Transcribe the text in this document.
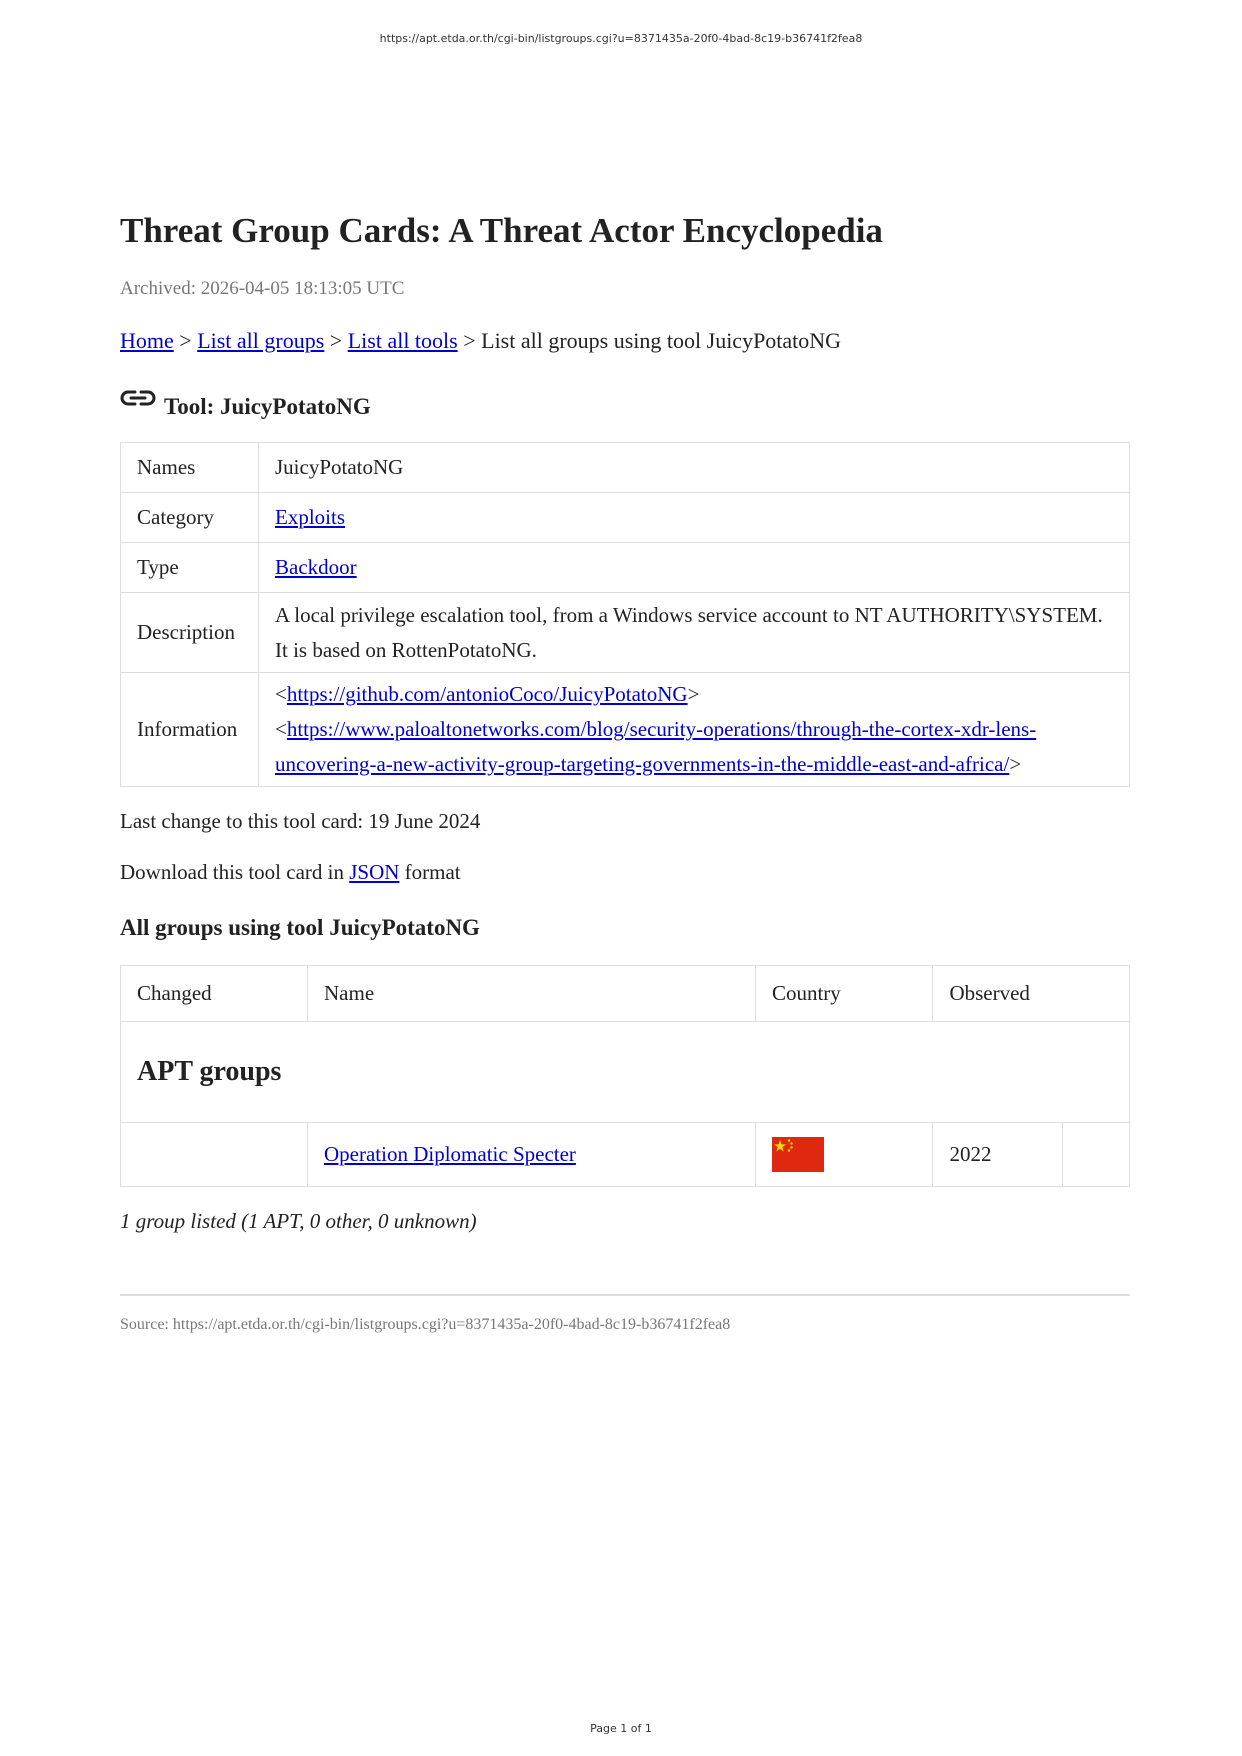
https://apt.etda.or.th/cgi-bin/listgroups.cgi?u=8371435a-20f0-4bad-8c19-b36741f2fea8
Threat Group Cards: A Threat Actor Encyclopedia
Archived: 2026-04-05 18:13:05 UTC
Home > List all groups > List all tools > List all groups using tool JuicyPotatoNG
Tool: JuicyPotatoNG
Names	JuicyPotatoNG
Category	Exploits
Type	Backdoor
Description	A local privilege escalation tool, from a Windows service account to NT AUTHORITY\SYSTEM. It is based on RottenPotatoNG.
Information	<https://github.com/antonioCoco/JuicyPotatoNG>
<https://www.paloaltonetworks.com/blog/security-operations/through-the-cortex-xdr-lens-uncovering-a-new-activity-group-targeting-governments-in-the-middle-east-and-africa/>
Last change to this tool card: 19 June 2024
Download this tool card in JSON format
All groups using tool JuicyPotatoNG
Changed	Name	Country	Observed	
APT groups				
	Operation Diplomatic Specter		2022	
1 group listed (1 APT, 0 other, 0 unknown)
Source: https://apt.etda.or.th/cgi-bin/listgroups.cgi?u=8371435a-20f0-4bad-8c19-b36741f2fea8
Page 1 of 1
